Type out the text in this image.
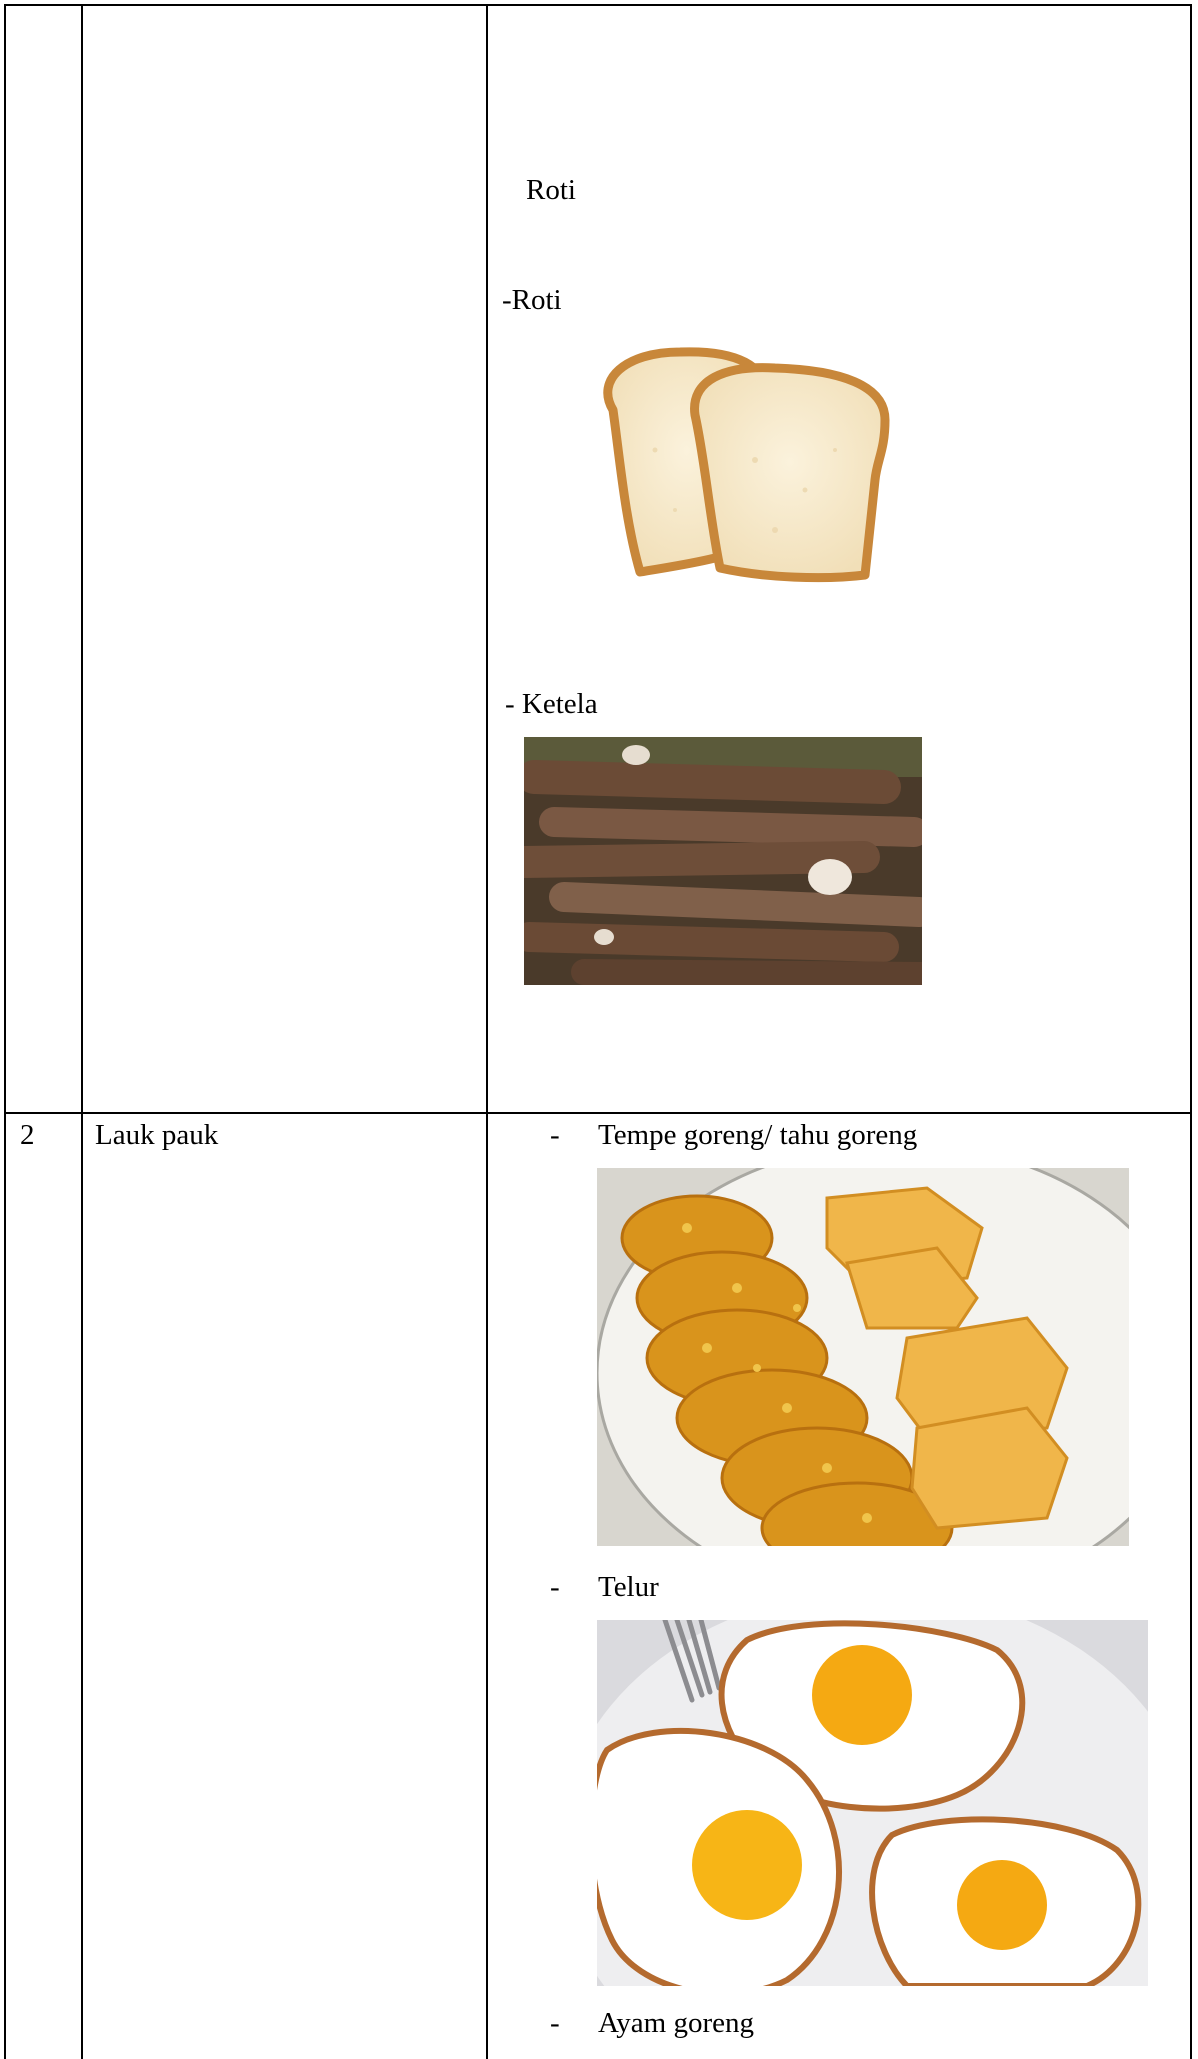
Roti
-Roti
- Ketela
2 Lauk pauk	- Tempe goreng/ tahu goreng
- Telur
- Ayam goreng
